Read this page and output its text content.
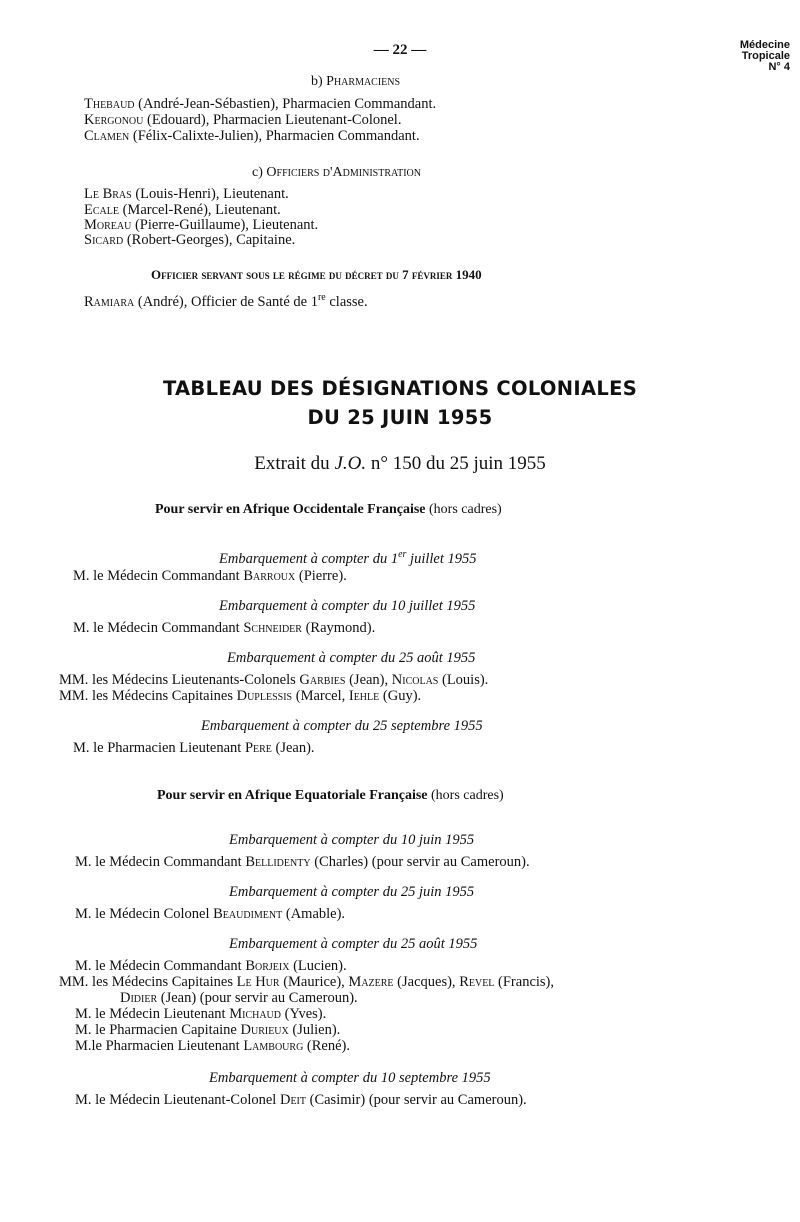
— 22 —	Médecine
Tropicale
N° 4
b) Pharmaciens
Thebaud (André-Jean-Sébastien), Pharmacien Commandant.
Kergonou (Edouard), Pharmacien Lieutenant-Colonel.
Clamen (Félix-Calixte-Julien), Pharmacien Commandant.
c) Officiers d'Administration
Le Bras (Louis-Henri), Lieutenant.
Ecale (Marcel-René), Lieutenant.
Moreau (Pierre-Guillaume), Lieutenant.
Sicard (Robert-Georges), Capitaine.
Officier servant sous le régime du décret du 7 février 1940
Ramiara (André), Officier de Santé de 1re classe.
TABLEAU DES DÉSIGNATIONS COLONIALES
DU 25 JUIN 1955
Extrait du J.O. n° 150 du 25 juin 1955
Pour servir en Afrique Occidentale Française (hors cadres)
Embarquement à compter du 1er juillet 1955
M. le Médecin Commandant Barroux (Pierre).
Embarquement à compter du 10 juillet 1955
M. le Médecin Commandant Schneider (Raymond).
Embarquement à compter du 25 août 1955
MM. les Médecins Lieutenants-Colonels Garbies (Jean), Nicolas (Louis).
MM. les Médecins Capitaines Duplessis (Marcel, Iehle (Guy).
Embarquement à compter du 25 septembre 1955
M. le Pharmacien Lieutenant Pere (Jean).
Pour servir en Afrique Equatoriale Française (hors cadres)
Embarquement à compter du 10 juin 1955
M. le Médecin Commandant Bellidenty (Charles) (pour servir au Cameroun).
Embarquement à compter du 25 juin 1955
M. le Médecin Colonel Beaudiment (Amable).
Embarquement à compter du 25 août 1955
M. le Médecin Commandant Borjeix (Lucien).
MM. les Médecins Capitaines Le Hur (Maurice), Mazere (Jacques), Revel (Francis),
Didier (Jean) (pour servir au Cameroun).
M. le Médecin Lieutenant Michaud (Yves).
M. le Pharmacien Capitaine Durieux (Julien).
M.le Pharmacien Lieutenant Lambourg (René).
Embarquement à compter du 10 septembre 1955
M. le Médecin Lieutenant-Colonel Deit (Casimir) (pour servir au Cameroun).
